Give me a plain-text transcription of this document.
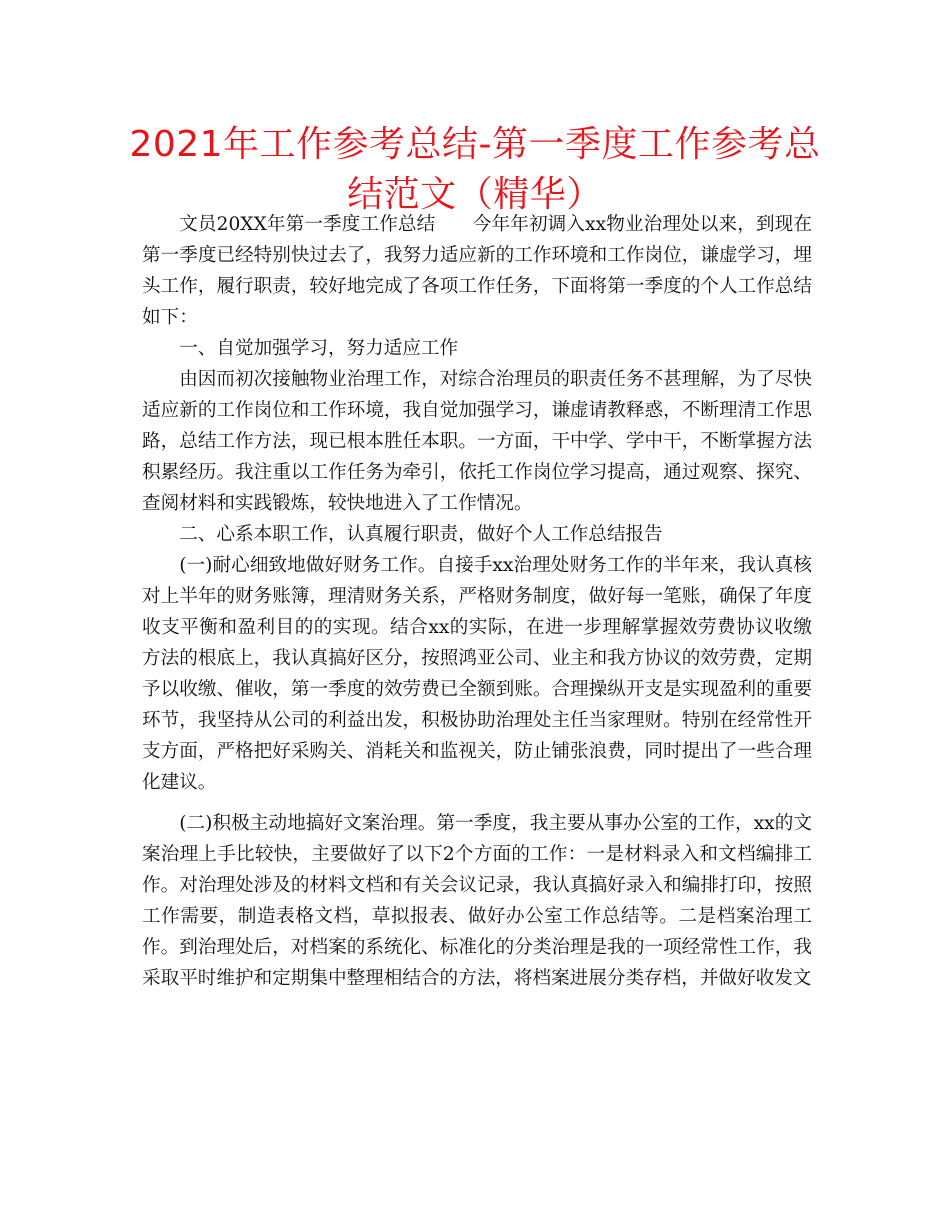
2021年工作参考总结-第一季度工作参考总结范文（精华）

文员20XX年第一季度工作总结　　今年年初调入xx物业治理处以来，到现在第一季度已经特别快过去了，我努力适应新的工作环境和工作岗位，谦虚学习，埋头工作，履行职责，较好地完成了各项工作任务，下面将第一季度的个人工作总结如下：

一、自觉加强学习，努力适应工作

由因而初次接触物业治理工作，对综合治理员的职责任务不甚理解，为了尽快适应新的工作岗位和工作环境，我自觉加强学习，谦虚请教释惑，不断理清工作思路，总结工作方法，现已根本胜任本职。一方面，干中学、学中干，不断掌握方法积累经历。我注重以工作任务为牵引，依托工作岗位学习提高，通过观察、探究、查阅材料和实践锻炼，较快地进入了工作情况。

二、心系本职工作，认真履行职责，做好个人工作总结报告

(一)耐心细致地做好财务工作。自接手xx治理处财务工作的半年来，我认真核对上半年的财务账簿，理清财务关系，严格财务制度，做好每一笔账，确保了年度收支平衡和盈利目的的实现。结合xx的实际，在进一步理解掌握效劳费协议收缴方法的根底上，我认真搞好区分，按照鸿亚公司、业主和我方协议的效劳费，定期予以收缴、催收，第一季度的效劳费已全额到账。合理操纵开支是实现盈利的重要环节，我坚持从公司的利益出发，积极协助治理处主任当家理财。特别在经常性开支方面，严格把好采购关、消耗关和监视关，防止铺张浪费，同时提出了一些合理化建议。

(二)积极主动地搞好文案治理。第一季度，我主要从事办公室的工作，xx的文案治理上手比较快，主要做好了以下2个方面的工作：一是材料录入和文档编排工作。对治理处涉及的材料文档和有关会议记录，我认真搞好录入和编排打印，按照工作需要，制造表格文档，草拟报表、做好办公室工作总结等。二是档案治理工作。到治理处后，对档案的系统化、标准化的分类治理是我的一项经常性工作，我采取平时维护和定期集中整理相结合的方法，将档案进展分类存档，并做好收发文
